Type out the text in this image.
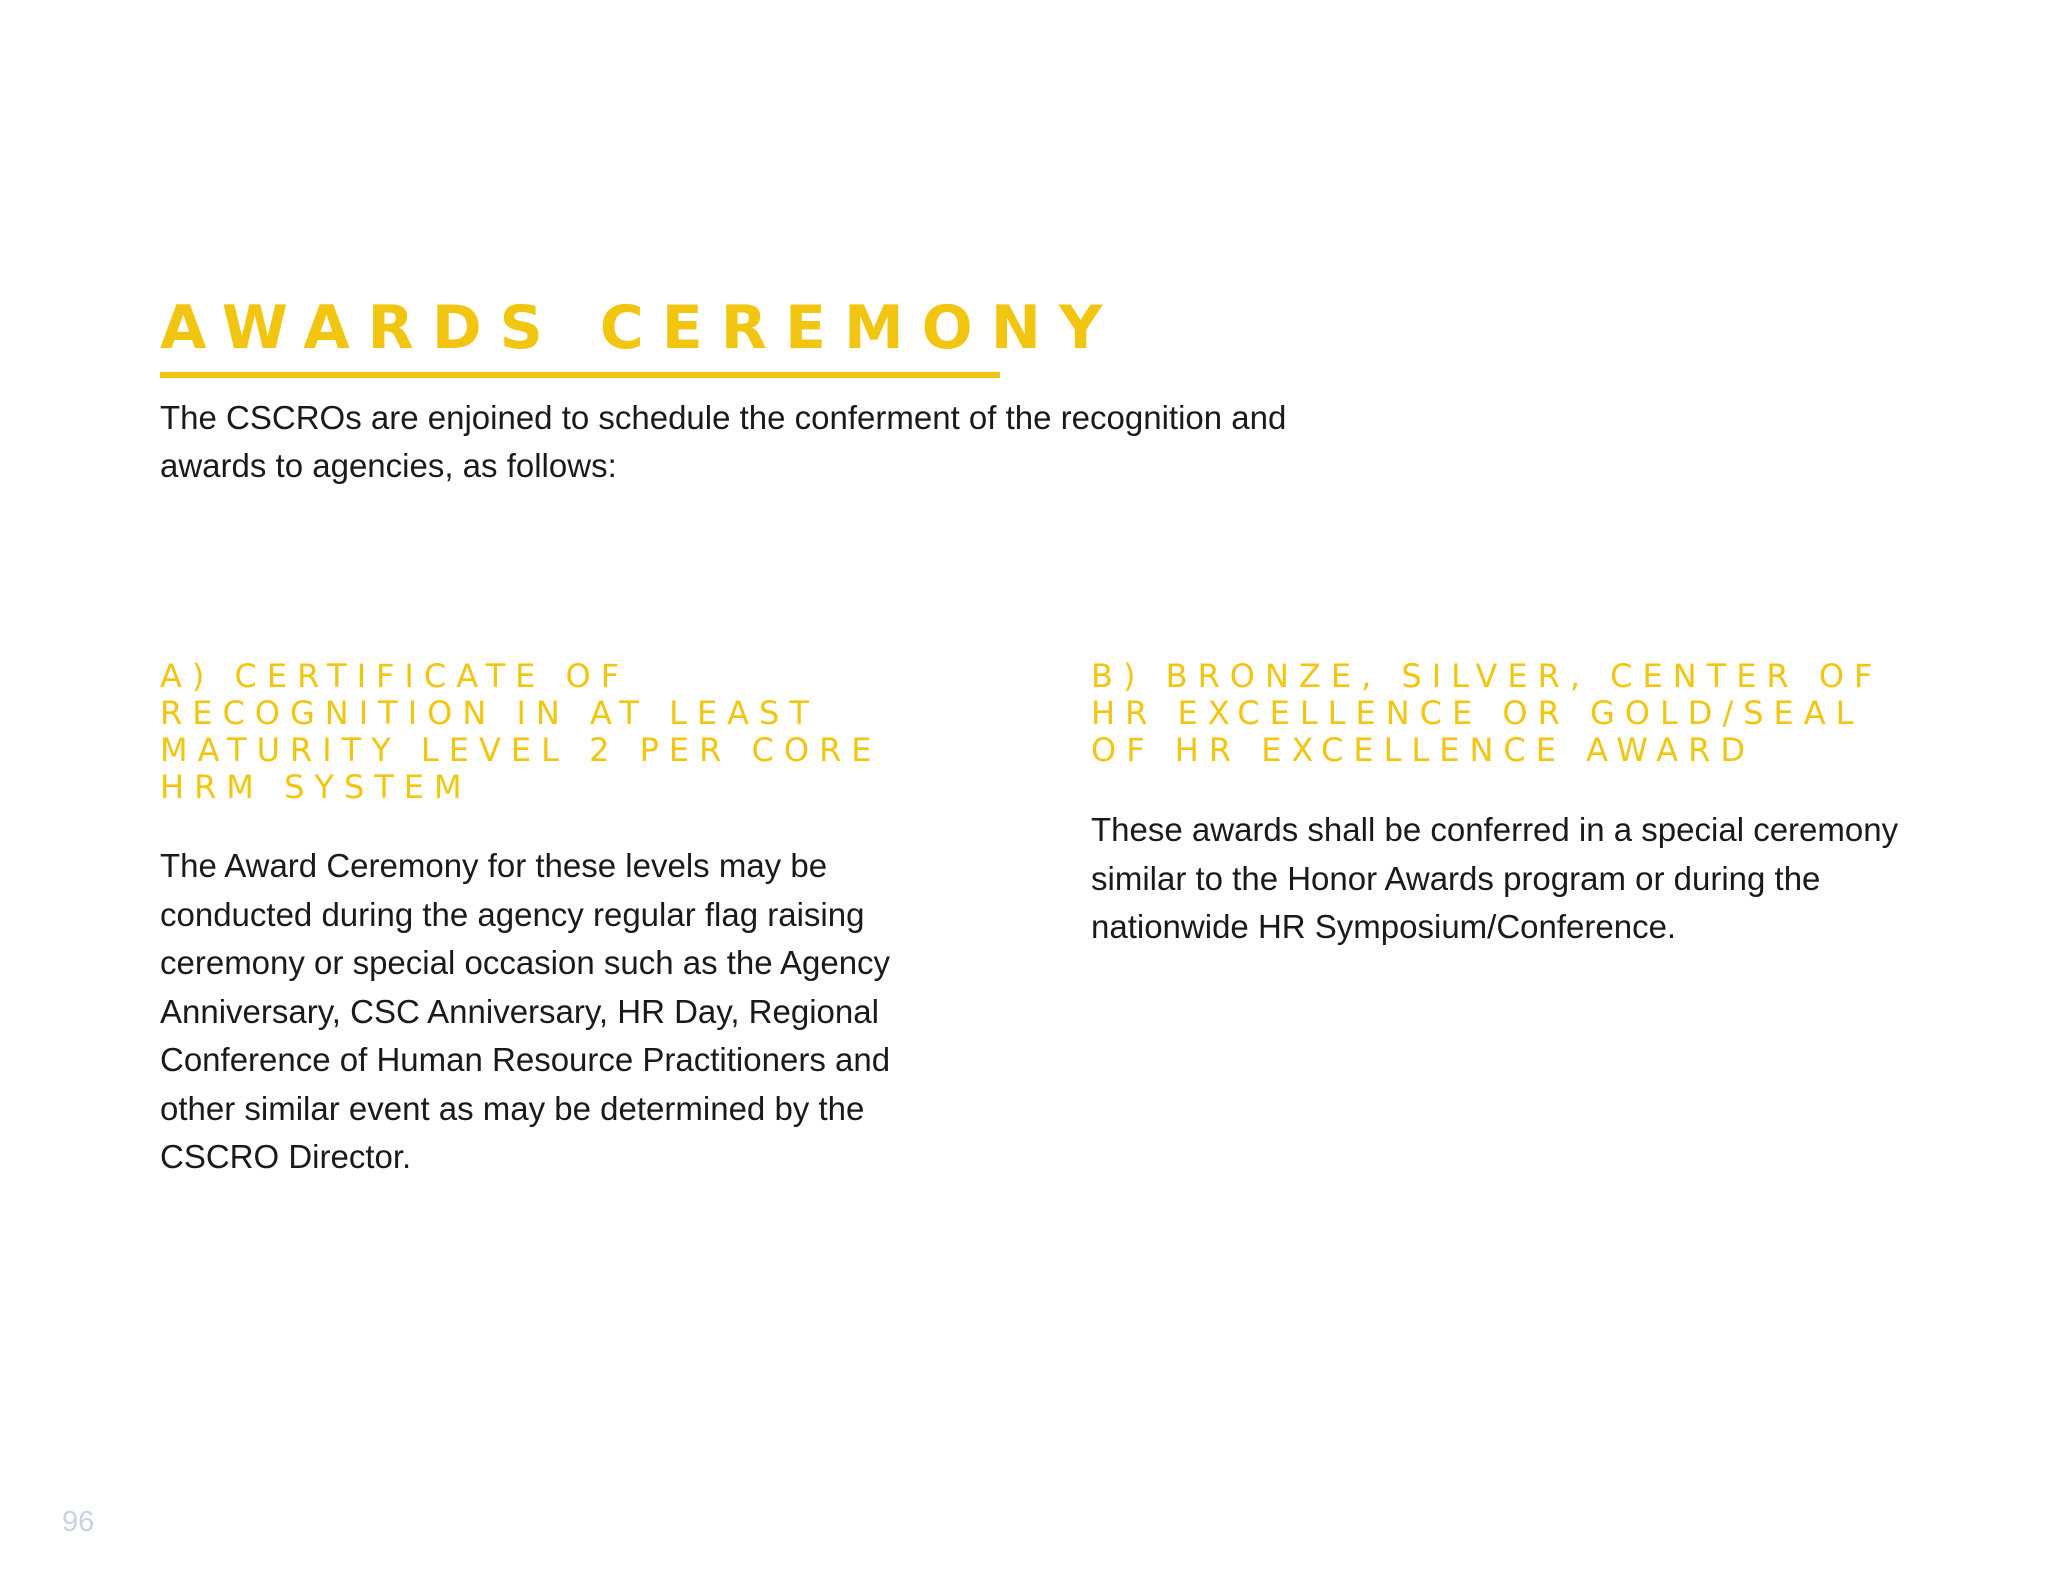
AWARDS CEREMONY

The CSCROs are enjoined to schedule the conferment of the recognition and awards to agencies, as follows:

A) CERTIFICATE OF RECOGNITION IN AT LEAST MATURITY LEVEL 2 PER CORE HRM SYSTEM

The Award Ceremony for these levels may be conducted during the agency regular flag raising ceremony or special occasion such as the Agency Anniversary, CSC Anniversary, HR Day, Regional Conference of Human Resource Practitioners and other similar event as may be determined by the CSCRO Director.

B) BRONZE, SILVER, CENTER OF HR EXCELLENCE OR GOLD/SEAL OF HR EXCELLENCE AWARD

These awards shall be conferred in a special ceremony similar to the Honor Awards program or during the nationwide HR Symposium/Conference.

96
